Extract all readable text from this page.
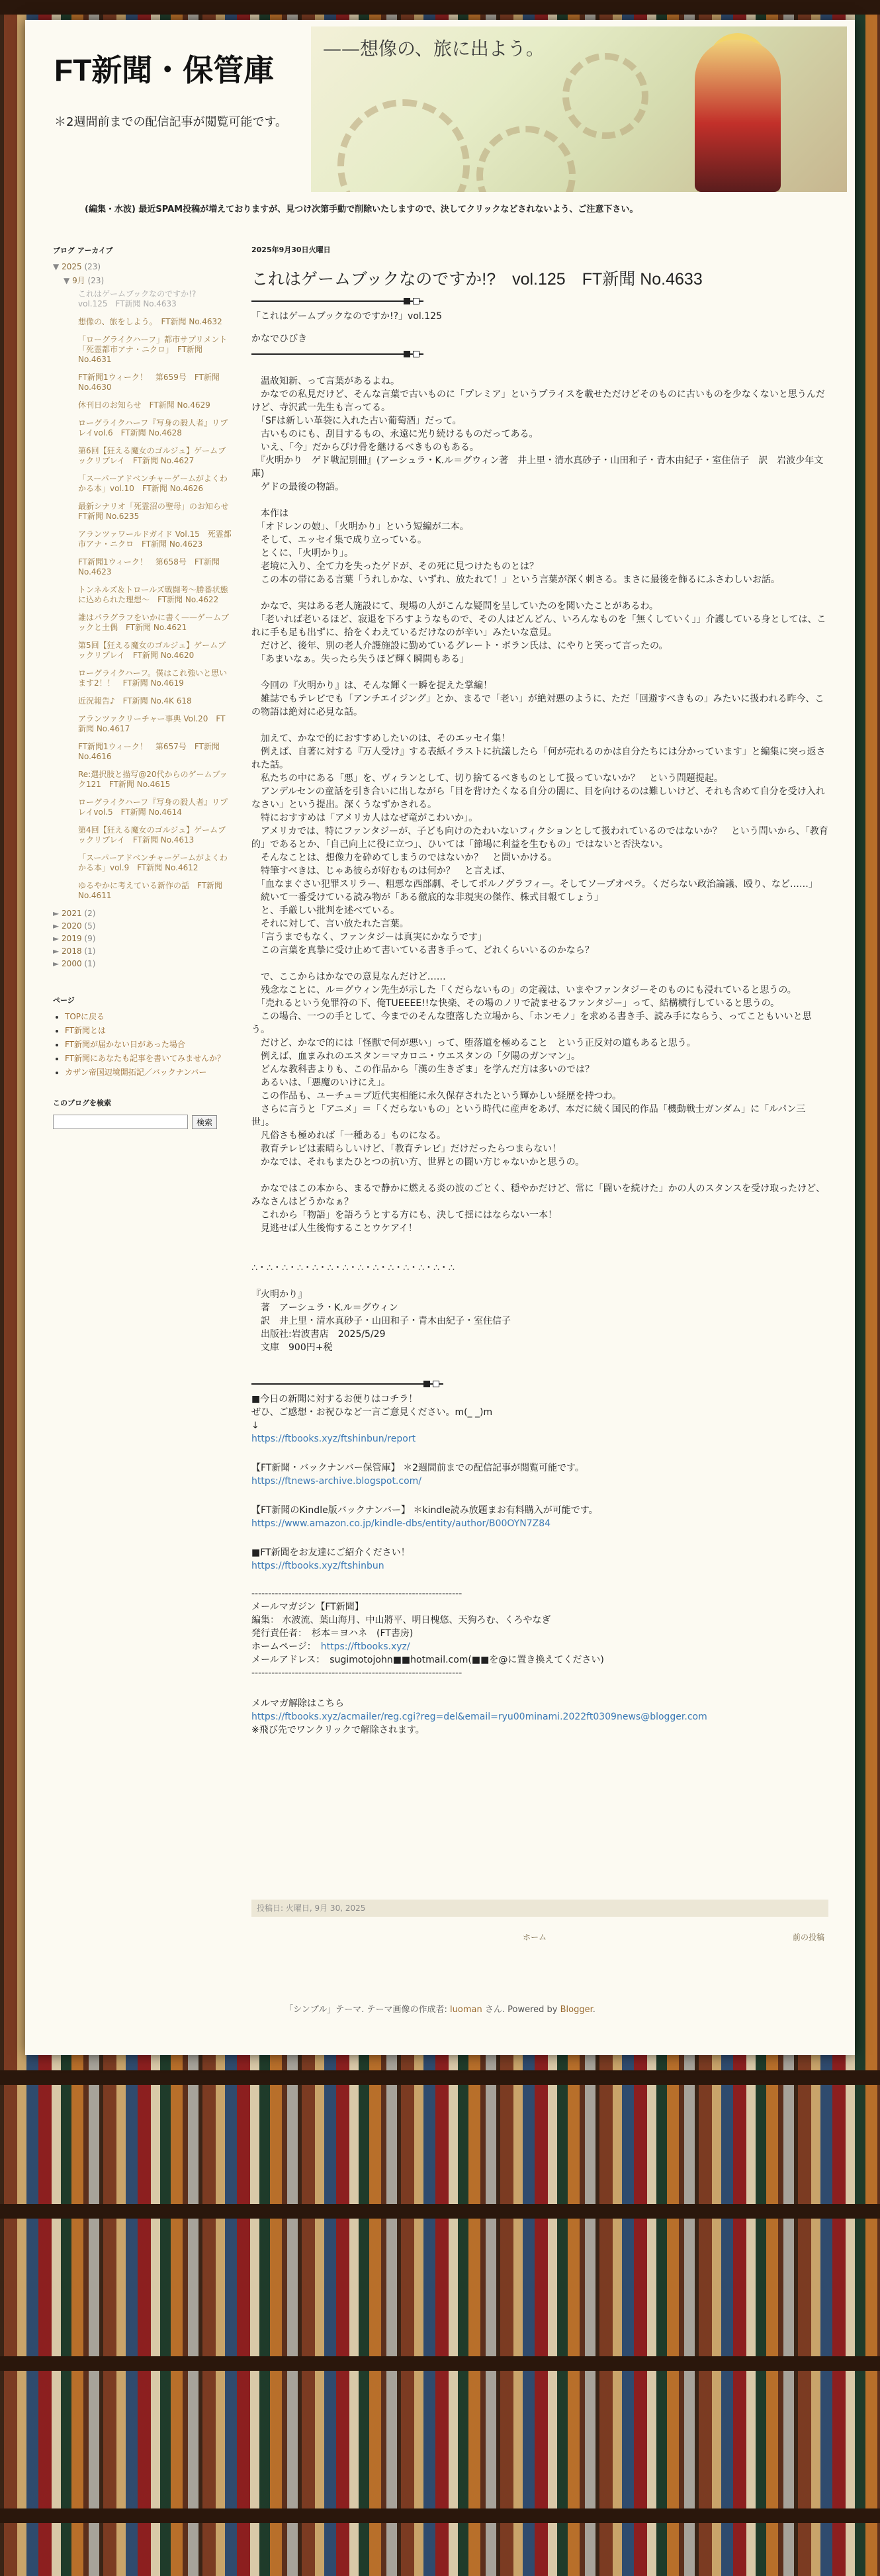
FT新聞・保管庫
＊2週間前までの配信記事が閲覧可能です。
——想像の、旅に出よう。
(編集・水波) 最近SPAM投稿が増えておりますが、見つけ次第手動で削除いたしますので、決してクリックなどされないよう、ご注意下さい。
ブログ アーカイブ
▼ 2025 (23)
▼ 9月 (23)
これはゲームブックなのですか!?　vol.125　FT新聞 No.4633
想像の、旅をしよう。　FT新聞 No.4632
「ローグライクハーフ」都市サプリメント「死霊都市アナ・ニクロ」　FT新聞 No.4631
FT新聞1ウィーク！　第659号　FT新聞 No.4630
休刊日のお知らせ　FT新聞 No.4629
ローグライクハーフ『写身の殺人者』リプレイvol.6　FT新聞 No.4628
第6回【狂える魔女のゴルジュ】ゲームブックリプレイ　FT新聞 No.4627
「スーパーアドベンチャーゲームがよくわかる本」vol.10　FT新聞 No.4626
最新シナリオ「死霊沼の聖母」のお知らせ　FT新聞 No.6235
アランツァワールドガイド Vol.15　死霊都市アナ・ニクロ　FT新聞 No.4623
FT新聞1ウィーク！　第658号　FT新聞 No.4623
トンネルズ＆トロールズ戦闘考〜勝番状態に込められた理想〜　FT新聞 No.4622
誰はパラグラフをいかに書く——ゲームブックと土偶　FT新聞 No.4621
第5回【狂える魔女のゴルジュ】ゲームブックリプレイ　FT新聞 No.4620
ローグライクハーフ。僕はこれ強いと思います2！！　FT新聞 No.4619
近況報告♪　FT新聞 No.4K 618
アランツァクリーチャー事典 Vol.20　FT新聞 No.4617
FT新聞1ウィーク！　第657号　FT新聞 No.4616
Re:選択肢と描写@20代からのゲームブック121　FT新聞 No.4615
ローグライクハーフ『写身の殺人者』リプレイvol.5　FT新聞 No.4614
第4回【狂える魔女のゴルジュ】ゲームブックリプレイ　FT新聞 No.4613
「スーパーアドベンチャーゲームがよくわかる本」vol.9　FT新聞 No.4612
ゆるやかに考えている新作の話　FT新聞 No.4611
► 2021 (2)
► 2020 (5)
► 2019 (9)
► 2018 (1)
► 2000 (1)
ページ
• TOPに戻る
• FT新聞とは
• FT新聞が届かない日があった場合
• FT新聞にあなたも記事を書いてみませんか？
• カザン帝国辺境開拓記／バックナンバー
このブログを検索
検索
2025年9月30日火曜日
これはゲームブックなのですか!?　vol.125　FT新聞 No.4633

「これはゲームブックなのですか!?」vol.125

かなでひびき

　温故知新、って言葉があるよね。
　かなでの私見だけど、そんな言葉で古いものに「プレミア」というプライスを載せただけどそのものに古いものを少なくないと思うんだけど、寺沢武一先生も言ってる。
　「SFは新しい革袋に入れた古い葡萄酒」だって。
　古いものにも、刮目するもの、永遠に光り続けるものだってある。
　いえ、「今」だからぴけ骨を継けるべきものもある。
　『火明かり　ゲド戦記別冊』(アーシュラ・K.ル＝グウィン著　井上里・清水真砂子・山田和子・青木由紀子・室住信子　訳　岩波少年文庫)
　ゲドの最後の物語。

　本作は
　「オドレンの娘」、「火明かり」という短編が二本。
　そして、エッセイ集で成り立っている。
　とくに、「火明かり」。
　老境に入り、全て力を失ったゲドが、その死に見つけたものとは？
　この本の帯にある言葉「うれしかな、いずれ、放たれて！」という言葉が深く刺さる。まさに最後を飾るにふさわしいお話。

　かなで、実はある老人施設にて、現場の人がこんな疑問を呈していたのを聞いたことがあるわ。
　「老いれば老いるほど、寂退を下ろすようなもので、その人はどんどん、いろんなものを「無くしていく」」介護している身としては、これに手も足も出ずに、拾をくわえているだけなのが辛い」みたいな意見。
　だけど、後年、別の老人介護施設に勤めているグレート・ボラン氏は、にやりと笑って言ったの。
　「あまいなぁ。失ったら失うほど輝く瞬間もある」

　今回の『火明かり』は、そんな輝く一瞬を捉えた掌編！
　雑誌でもテレビでも「アンチエイジング」とか、まるで「老い」が絶対悪のように、ただ「回避すべきもの」みたいに扱われる昨今、この物語は絶対に必見な話。

　加えて、かなで的におすすめしたいのは、そのエッセイ集！
　例えば、自著に対する『万人受け』する表紙イラストに抗議したら「何が売れるのかは自分たちには分かっています」と編集に突っ返された話。
　私たちの中にある「悪」を、ヴィランとして、切り捨てるべきものとして扱っていないか？　という問題提起。
　アンデルセンの童話を引き合いに出しながら「目を背けたくなる自分の闇に、目を向けるのは難しいけど、それも含めて自分を受け入れなさい」という提出。深くうなずかされる。
　特におすすめは「アメリカ人はなぜ竜がこわいか」。
　アメリカでは、特にファンタジーが、子ども向けのたわいないフィクションとして扱われているのではないか？　という問いから、「教育的」であるとか、「自己向上に役に立つ」、ひいては「節場に利益を生むもの」ではないと否決ない。
　そんなことは、想像力を砕めてしまうのではないか？　と問いかける。
　特筆すべきは、じゃあ彼らが好むものは何か？　と言えば、
　「血なまぐさい犯罪スリラー、粗悪な西部劇、そしてポルノグラフィー。そしてソープオペラ。くだらない政治論議、殴り、など……」
　続いて一番受けている読み物が「ある徹底的な非現実の傑作、株式目報てしょう」
　と、手厳しい批判を述べている。
　それに対して、言い放たれた言葉。
　「言うまでもなく、ファンタジーは真実にかなうです」
　この言葉を真摯に受け止めて書いている書き手って、どれくらいいるのかなら？

　で、ここからはかなでの意見なんだけど……
　残念なことに、ル＝グウィン先生が示した「くだらないもの」の定義は、いまやファンタジーそのものにも浸れていると思うの。
　「売れるという免罪符の下、俺TUEEEE!!な快楽、その場のノリで読ませるファンタジー」って、結構横行していると思うの。
　この場合、一つの手として、今までのそんな堕落した立場から、「ホンモノ」を求める書き手、読み手にならう、ってこともいいと思う。
　だけど、かなで的には「怪獸で何が悪い」って、堕落道を極めること　という正反対の道もあると思う。
　例えば、血まみれのエスタン＝マカロニ・ウエスタンの「夕陽のガンマン」。
　どんな教科書よりも、この作品から「漢の生きざま」を学んだ方は多いのでは？
　あるいは、「悪魔のいけにえ」。
　この作品も、ユーチュ＝ブ近代実相能に永久保存されたという輝かしい経歴を持つわ。
　さらに言うと「アニメ」＝「くだらないもの」という時代に産声をあげ、本だに続く国民的作品「機動戦士ガンダム」に「ルパン三世」。
　凡俗さも極めれば「一種ある」ものになる。
　教育テレビは素晴らしいけど、「教育テレビ」だけだったらつまらない！
　かなでは、それもまたひとつの抗い方、世界との闘い方じゃないかと思うの。

　かなではこの本から、まるで静かに燃える炎の波のごとく、穏やかだけど、常に「闘いを続けた」かの人のスタンスを受け取ったけど、みなさんはどうかなぁ？
　これから「物語」を語ろうとする方にも、決して揺にはならない一本！
　見逃せば人生後悔することウケアイ！

∴・∴・∴・∴・∴・∴・∴・∴・∴・∴・∴・∴・∴・∴

『火明かり』

　著　アーシュラ・K.ル＝グウィン

　訳　井上里・清水真砂子・山田和子・青木由紀子・室住信子

　出版社:岩波書店　2025/5/29

　文庫　900円+税

■今日の新聞に対するお便りはコチラ！

ぜひ、ご感想・お祝ひなど一言ご意見ください。m(_ _)m

↓

https://ftbooks.xyz/ftshinbun/report

【FT新聞・バックナンバー保管庫】 ＊2週間前までの配信記事が閲覧可能です。

https://ftnews-archive.blogspot.com/

【FT新聞のKindle版バックナンバー】 ＊kindle読み放題まお有料購入が可能です。

https://www.amazon.co.jp/kindle-dbs/entity/author/B00OYN7Z84

■FT新聞をお友達にご紹介ください！

https://ftbooks.xyz/ftshinbun

---------------------------------------------------------------

メールマガジン【FT新聞】

編集： 水波流、葉山海月、中山將平、明日槐悠、天狗ろむ、くろやなぎ

発行責任者：　杉本＝ヨハネ　(FT書房)

ホームページ：　 https://ftbooks.xyz/

メールアドレス：　sugimotojohn■■hotmail.com(■■を@に置き換えてください)

---------------------------------------------------------------

メルマガ解除はこちら

https://ftbooks.xyz/acmailer/reg.cgi?reg=del&email=ryu00minami.2022ft0309news@blogger.com

※飛び先でワンクリックで解除されます。

投稿日: 火曜日, 9月 30, 2025
ホーム	前の投稿
「シンプル」テーマ. テーマ画像の作成者: luoman さん. Powered by Blogger.
